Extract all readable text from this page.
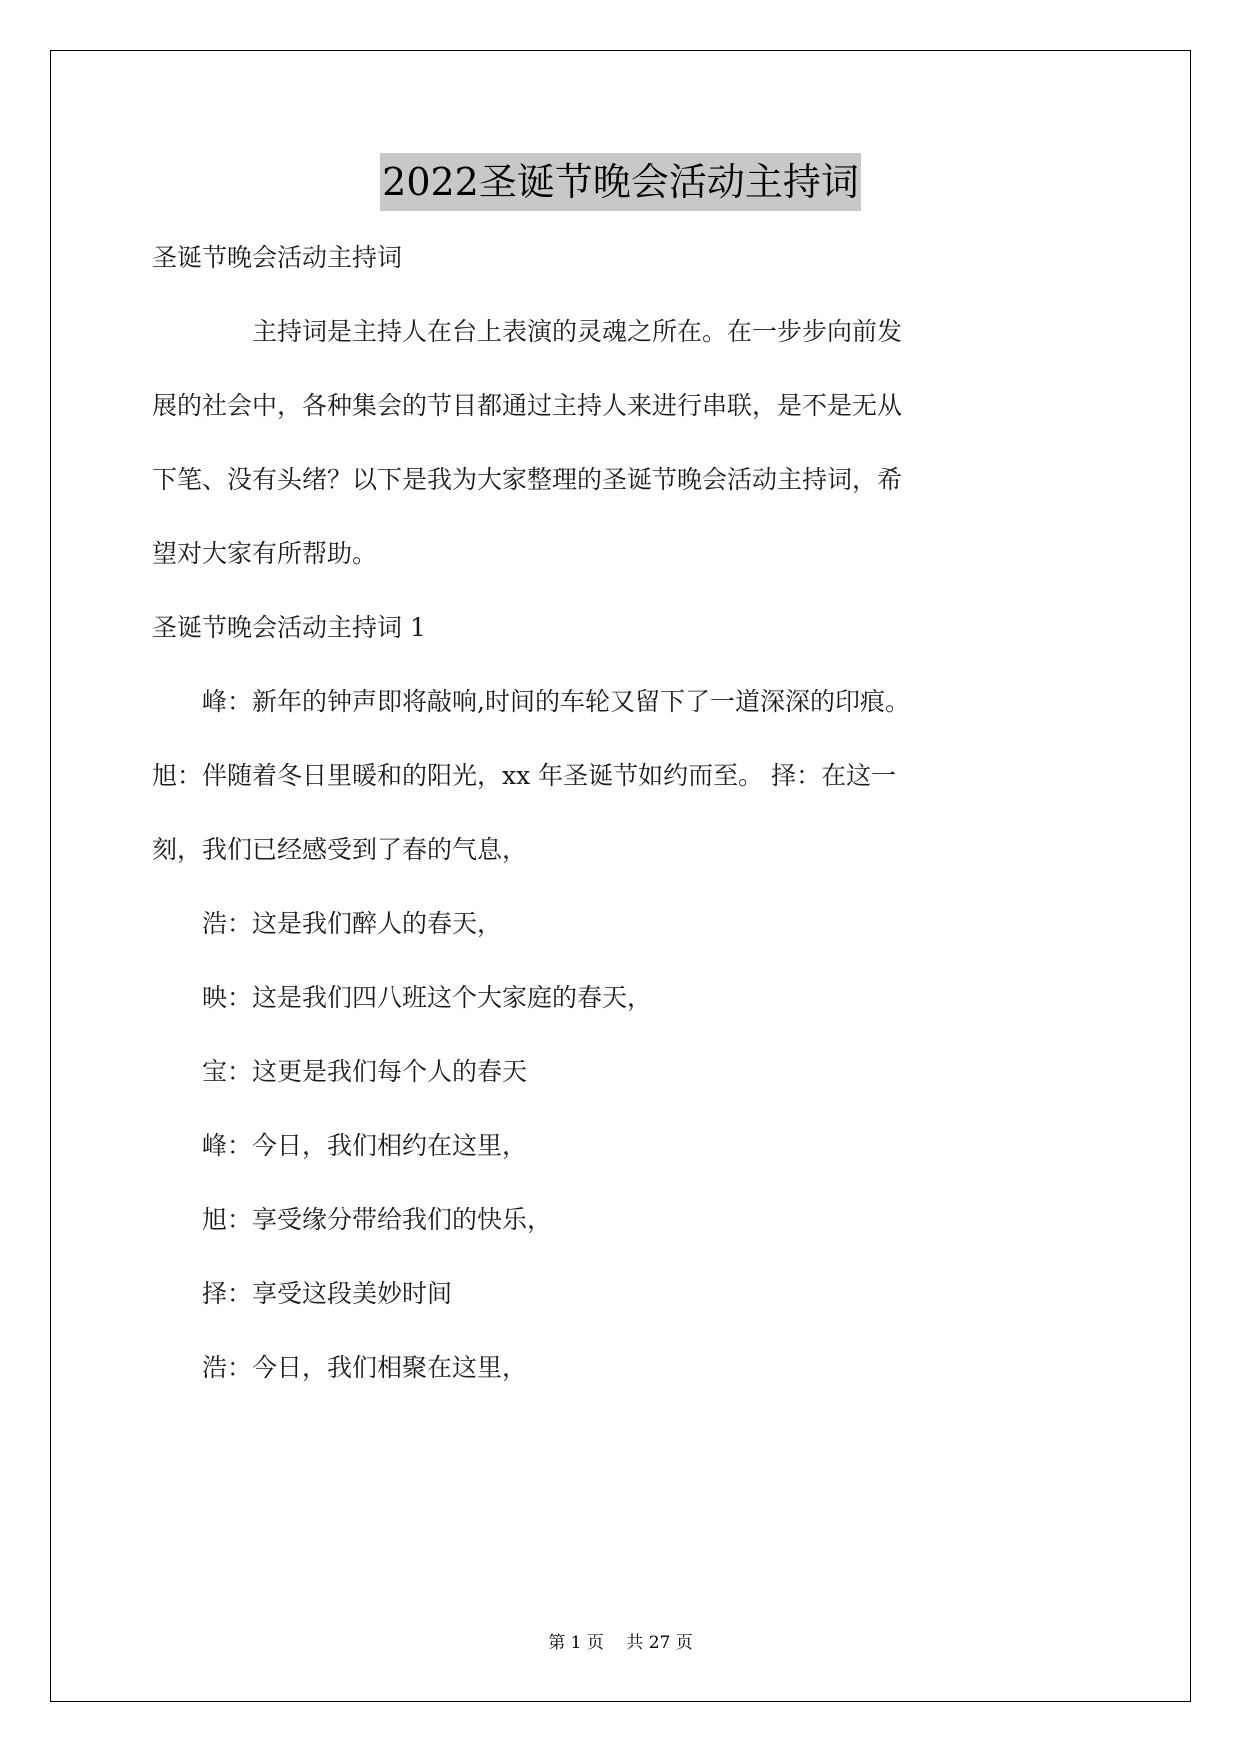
2022圣诞节晚会活动主持词
圣诞节晚会活动主持词
　　　　主持词是主持人在台上表演的灵魂之所在。在一步步向前发
展的社会中，各种集会的节目都通过主持人来进行串联，是不是无从
下笔、没有头绪？以下是我为大家整理的圣诞节晚会活动主持词，希
望对大家有所帮助。
圣诞节晚会活动主持词 1
　　峰：新年的钟声即将敲响,时间的车轮又留下了一道深深的印痕。
旭：伴随着冬日里暖和的阳光，xx 年圣诞节如约而至。 择：在这一
刻，我们已经感受到了春的气息，
　　浩：这是我们醉人的春天，
　　映：这是我们四八班这个大家庭的春天，
　　宝：这更是我们每个人的春天
　　峰：今日，我们相约在这里，
　　旭：享受缘分带给我们的快乐，
　　择：享受这段美妙时间
　　浩：今日，我们相聚在这里，
第 1 页　 共 27 页
